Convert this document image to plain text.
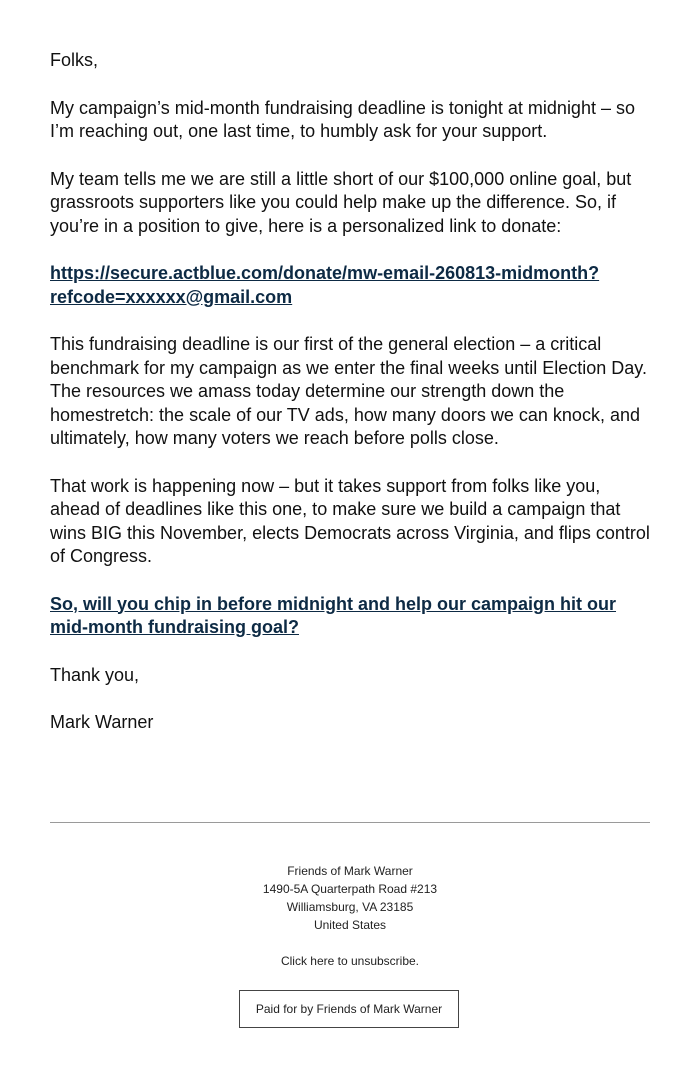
Folks,

My campaign’s mid-month fundraising deadline is tonight at midnight – so I’m reaching out, one last time, to humbly ask for your support.

My team tells me we are still a little short of our $100,000 online goal, but grassroots supporters like you could help make up the difference. So, if you’re in a position to give, here is a personalized link to donate:

https://secure.actblue.com/donate/mw-email-260813-midmonth?refcode=xxxxxx@gmail.com

This fundraising deadline is our first of the general election – a critical benchmark for my campaign as we enter the final weeks until Election Day. The resources we amass today determine our strength down the homestretch: the scale of our TV ads, how many doors we can knock, and ultimately, how many voters we reach before polls close.

That work is happening now – but it takes support from folks like you, ahead of deadlines like this one, to make sure we build a campaign that wins BIG this November, elects Democrats across Virginia, and flips control of Congress.

So, will you chip in before midnight and help our campaign hit our mid-month fundraising goal?

Thank you,

Mark Warner

Friends of Mark Warner
1490-5A Quarterpath Road #213
Williamsburg, VA 23185
United States
Click here to unsubscribe.
Paid for by Friends of Mark Warner
